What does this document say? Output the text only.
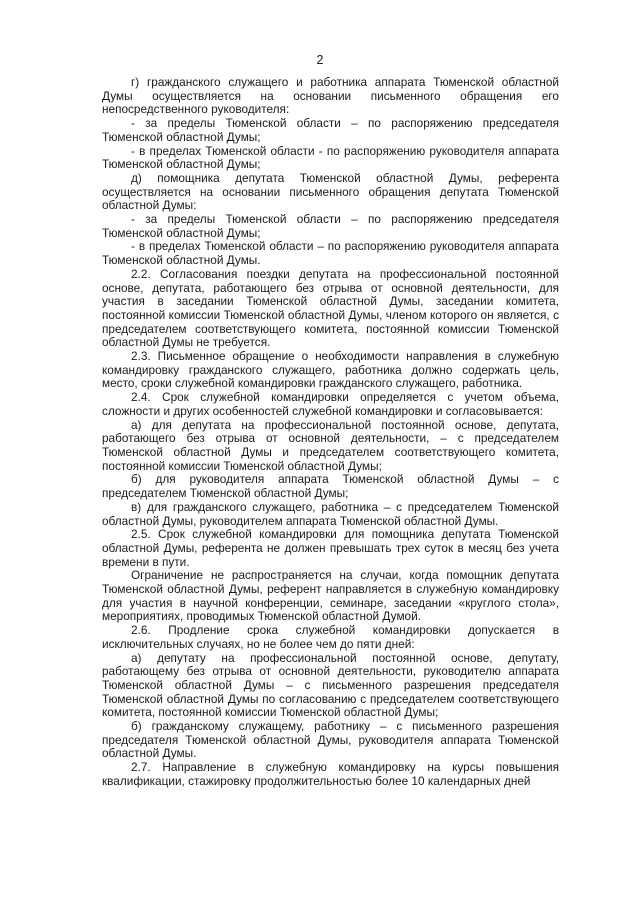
2

г) гражданского служащего и работника аппарата Тюменской областной Думы осуществляется на основании письменного обращения его непосредственного руководителя:

- за пределы Тюменской области – по распоряжению председателя Тюменской областной Думы;

- в пределах Тюменской области - по распоряжению руководителя аппарата Тюменской областной Думы;

д) помощника депутата Тюменской областной Думы, референта осуществляется на основании письменного обращения депутата Тюменской областной Думы:

- за пределы Тюменской области – по распоряжению председателя Тюменской областной Думы;

- в пределах Тюменской области – по распоряжению руководителя аппарата Тюменской областной Думы.

2.2. Согласования поездки депутата на профессиональной постоянной основе, депутата, работающего без отрыва от основной деятельности, для участия в заседании Тюменской областной Думы, заседании комитета, постоянной комиссии Тюменской областной Думы, членом которого он является, с председателем соответствующего комитета, постоянной комиссии Тюменской областной Думы не требуется.

2.3. Письменное обращение о необходимости направления в служебную командировку гражданского служащего, работника должно содержать цель, место, сроки служебной командировки гражданского служащего, работника.

2.4. Срок служебной командировки определяется с учетом объема, сложности и других особенностей служебной командировки и согласовывается:

а) для депутата на профессиональной постоянной основе, депутата, работающего без отрыва от основной деятельности, – с председателем Тюменской областной Думы и председателем соответствующего комитета, постоянной комиссии Тюменской областной Думы;

б) для руководителя аппарата Тюменской областной Думы – с председателем Тюменской областной Думы;

в) для гражданского служащего, работника – с председателем Тюменской областной Думы, руководителем аппарата Тюменской областной Думы.

2.5. Срок служебной командировки для помощника депутата Тюменской областной Думы, референта не должен превышать трех суток в месяц без учета времени в пути.

Ограничение не распространяется на случаи, когда помощник депутата Тюменской областной Думы, референт направляется в служебную командировку для участия в научной конференции, семинаре, заседании «круглого стола», мероприятиях, проводимых Тюменской областной Думой.

2.6. Продление срока служебной командировки допускается в исключительных случаях, но не более чем до пяти дней:

а) депутату на профессиональной постоянной основе, депутату, работающему без отрыва от основной деятельности, руководителю аппарата Тюменской областной Думы – с письменного разрешения председателя Тюменской областной Думы по согласованию с председателем соответствующего комитета, постоянной комиссии Тюменской областной Думы;

б) гражданскому служащему, работнику – с письменного разрешения председателя Тюменской областной Думы, руководителя аппарата Тюменской областной Думы.

2.7. Направление в служебную командировку на курсы повышения квалификации, стажировку продолжительностью более 10 календарных дней
